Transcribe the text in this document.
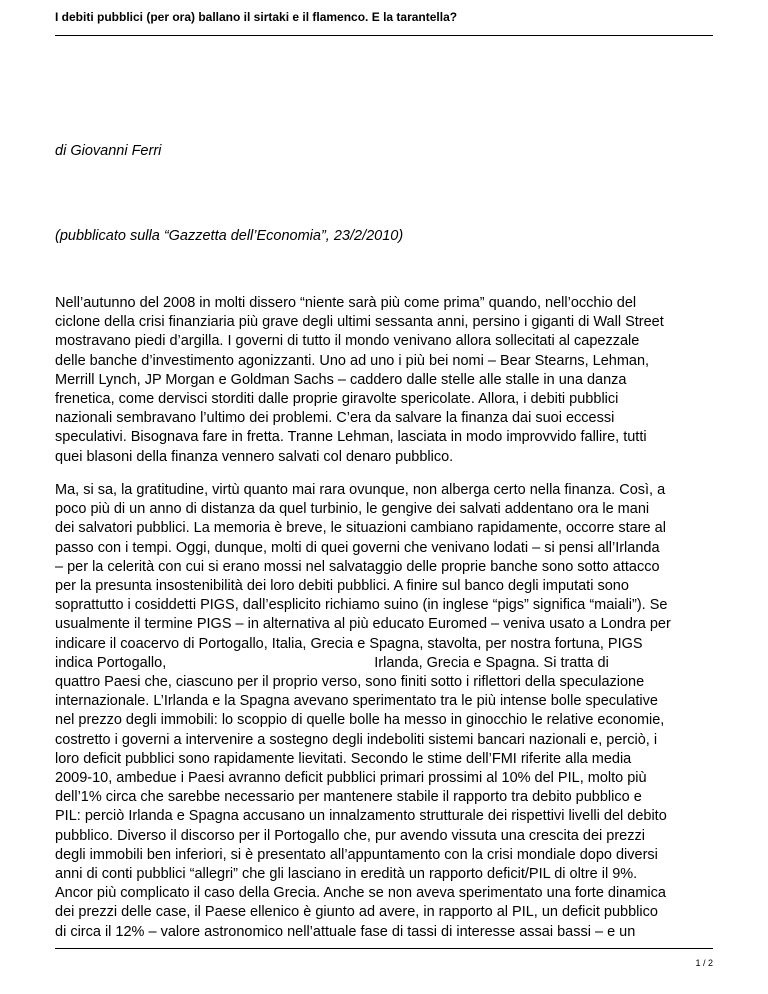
I debiti pubblici (per ora) ballano il sirtaki e il flamenco. E la tarantella?
di Giovanni Ferri
(pubblicato sulla “Gazzetta dell’Economia”, 23/2/2010)
Nell’autunno del 2008 in molti dissero “niente sarà più come prima” quando, nell’occhio del
ciclone della crisi finanziaria più grave degli ultimi sessanta anni, persino i giganti di Wall Street
mostravano piedi d’argilla. I governi di tutto il mondo venivano allora sollecitati al capezzale
delle banche d’investimento agonizzanti. Uno ad uno i più bei nomi – Bear Stearns, Lehman,
Merrill Lynch, JP Morgan e Goldman Sachs – caddero dalle stelle alle stalle in una danza
frenetica, come dervisci storditi dalle proprie giravolte spericolate. Allora, i debiti pubblici
nazionali sembravano l’ultimo dei problemi. C’era da salvare la finanza dai suoi eccessi
speculativi. Bisognava fare in fretta. Tranne Lehman, lasciata in modo improvvido fallire, tutti
quei blasoni della finanza vennero salvati col denaro pubblico.
Ma, si sa, la gratitudine, virtù quanto mai rara ovunque, non alberga certo nella finanza. Così, a
poco più di un anno di distanza da quel turbinio, le gengive dei salvati addentano ora le mani
dei salvatori pubblici. La memoria è breve, le situazioni cambiano rapidamente, occorre stare al
passo con i tempi. Oggi, dunque, molti di quei governi che venivano lodati – si pensi all’Irlanda
– per la celerità con cui si erano mossi nel salvataggio delle proprie banche sono sotto attacco
per la presunta insostenibilità dei loro debiti pubblici. A finire sul banco degli imputati sono
soprattutto i cosiddetti PIGS, dall’esplicito richiamo suino (in inglese “pigs” significa “maiali”). Se
usualmente il termine PIGS – in alternativa al più educato Euromed – veniva usato a Londra per
indicare il coacervo di Portogallo, Italia, Grecia e Spagna, stavolta, per nostra fortuna, PIGS
indica Portogallo,	Irlanda, Grecia e Spagna. Si tratta di
quattro Paesi che, ciascuno per il proprio verso, sono finiti sotto i riflettori della speculazione
internazionale. L’Irlanda e la Spagna avevano sperimentato tra le più intense bolle speculative
nel prezzo degli immobili: lo scoppio di quelle bolle ha messo in ginocchio le relative economie,
costretto i governi a intervenire a sostegno degli indeboliti sistemi bancari nazionali e, perciò, i
loro deficit pubblici sono rapidamente lievitati. Secondo le stime dell’FMI riferite alla media
2009-10, ambedue i Paesi avranno deficit pubblici primari prossimi al 10% del PIL, molto più
dell’1% circa che sarebbe necessario per mantenere stabile il rapporto tra debito pubblico e
PIL: perciò Irlanda e Spagna accusano un innalzamento strutturale dei rispettivi livelli del debito
pubblico. Diverso il discorso per il Portogallo che, pur avendo vissuta una crescita dei prezzi
degli immobili ben inferiori, si è presentato all’appuntamento con la crisi mondiale dopo diversi
anni di conti pubblici “allegri” che gli lasciano in eredità un rapporto deficit/PIL di oltre il 9%.
Ancor più complicato il caso della Grecia. Anche se non aveva sperimentato una forte dinamica
dei prezzi delle case, il Paese ellenico è giunto ad avere, in rapporto al PIL, un deficit pubblico
di circa il 12% – valore astronomico nell’attuale fase di tassi di interesse assai bassi – e un
1 / 2
